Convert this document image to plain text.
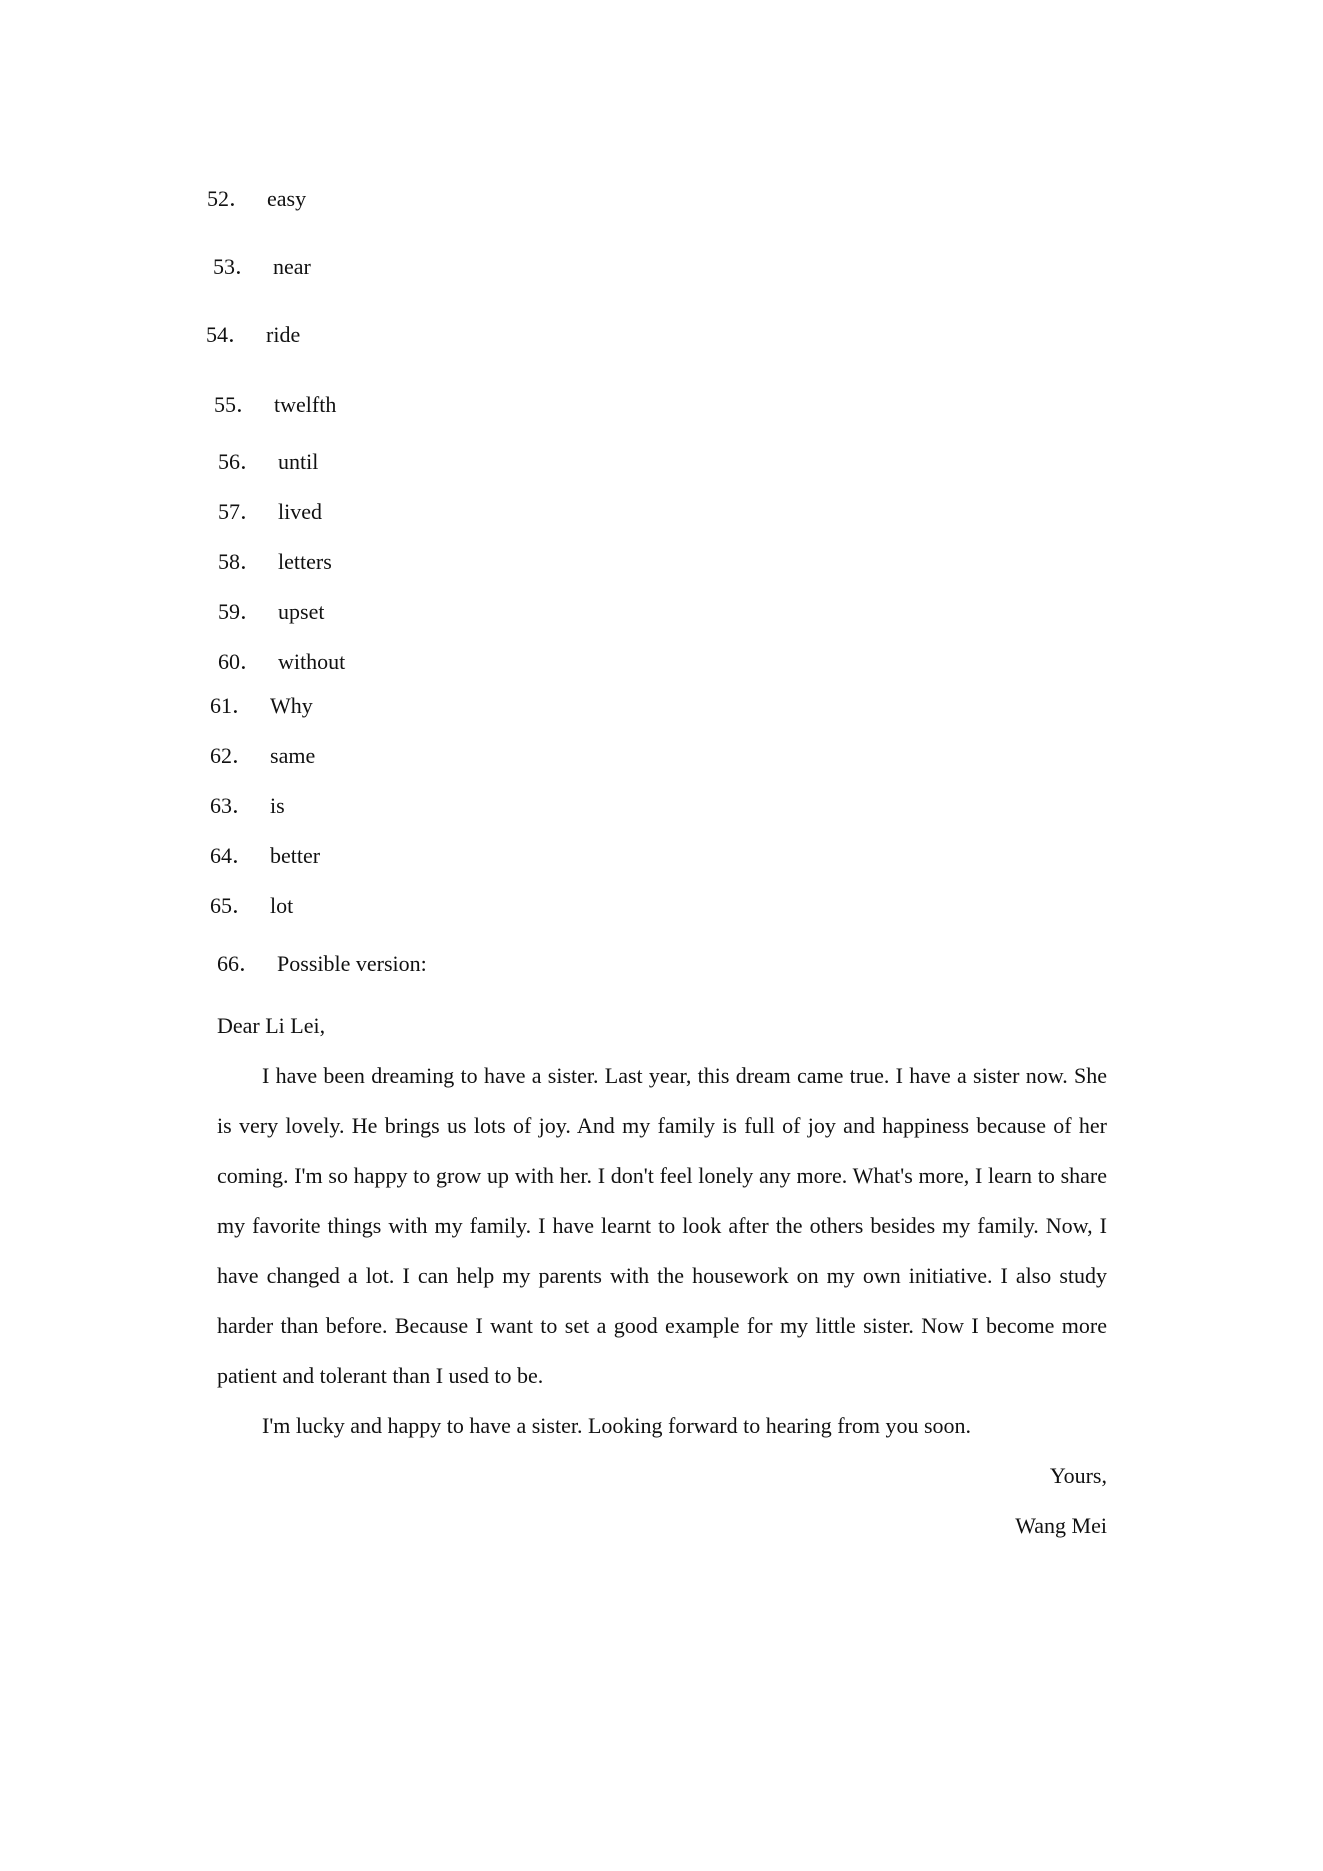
52． easy
53． near
54． ride
55． twelfth
56． until
57． lived
58． letters
59． upset
60． without
61． Why
62． same
63． is
64． better
65． lot
66． Possible version:

Dear Li Lei,

I have been dreaming to have a sister. Last year, this dream came true. I have a sister now. She is very lovely. He brings us lots of joy. And my family is full of joy and happiness because of her coming. I'm so happy to grow up with her. I don't feel lonely any more. What's more, I learn to share my favorite things with my family. I have learnt to look after the others besides my family. Now, I have changed a lot. I can help my parents with the housework on my own initiative. I also study harder than before. Because I want to set a good example for my little sister. Now I become more patient and tolerant than I used to be.

I'm lucky and happy to have a sister. Looking forward to hearing from you soon.

Yours,

Wang Mei
